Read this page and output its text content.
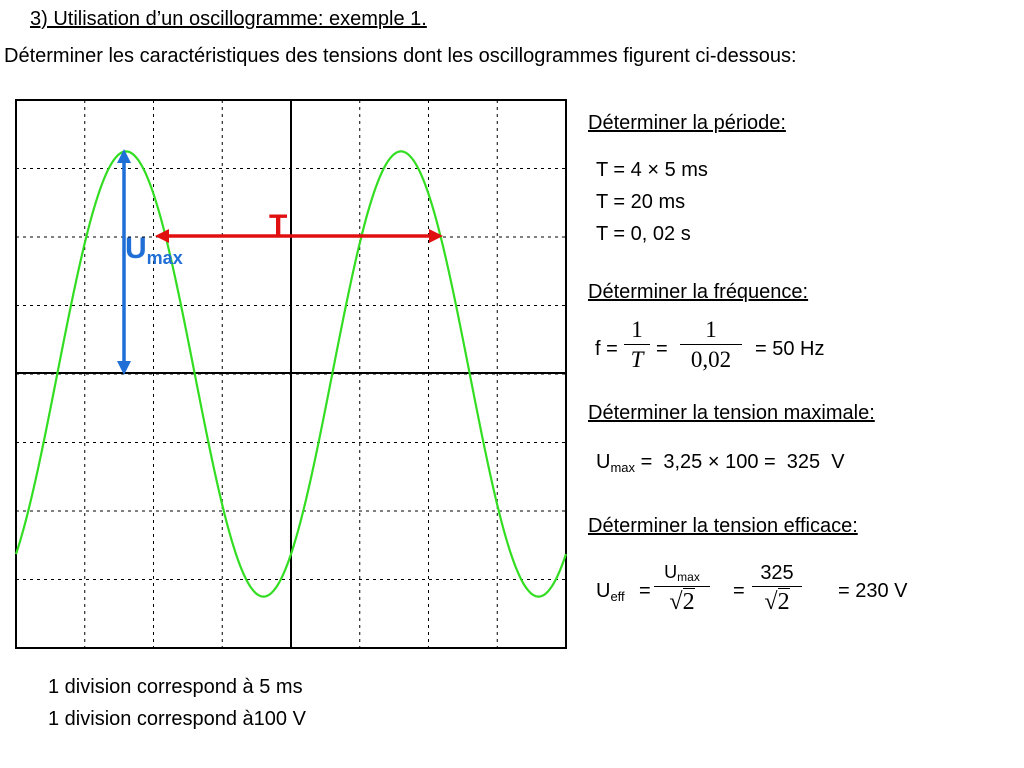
3) Utilisation d’un oscillogramme: exemple 1.
Déterminer les caractéristiques des tensions dont les oscillogrammes figurent ci-dessous:
T
Umax
Déterminer la période:
T = 4 × 5 ms
T = 20 ms
T = 0, 02 s
Déterminer la fréquence:
f =
1
T =
1
0,02 = 50 Hz
Déterminer la tension maximale:
$U_{max} = 3,25 \times 100 = 325$  V
Déterminer la tension efficace:
$U_{eff}$ =
$U_{max}$
√2 =
325
√2 = 230 V
1 division correspond à 5 ms
1 division correspond à100 V
